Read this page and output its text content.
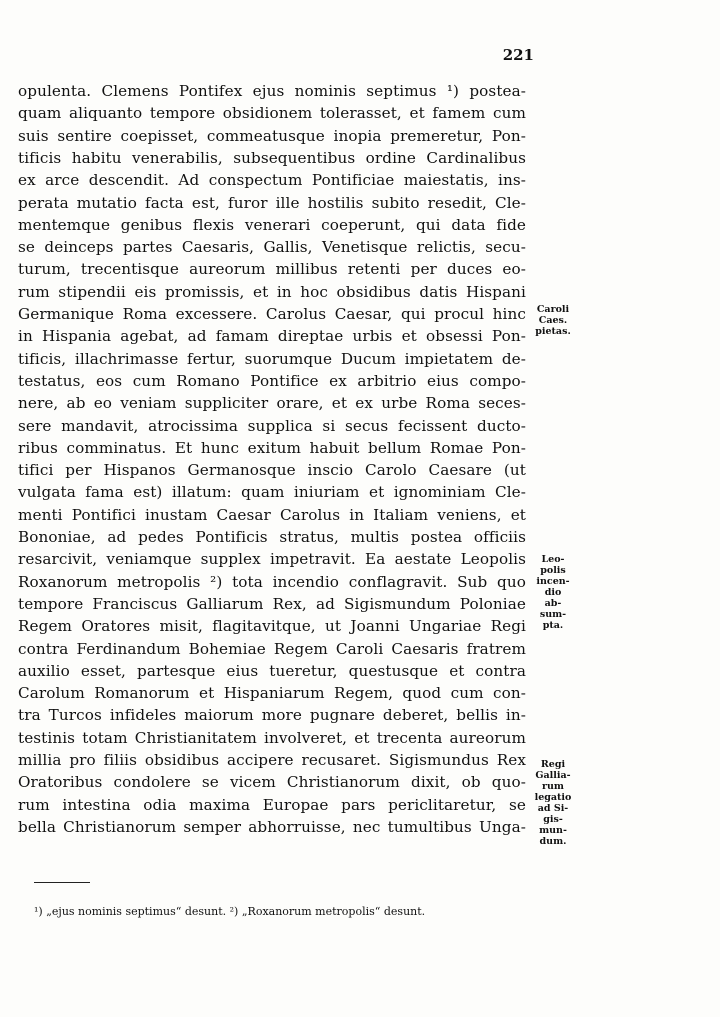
221
opulenta. Clemens Pontifex ejus nominis septimus ¹) postea-
quam aliquanto tempore obsidionem tolerasset, et famem cum
suis sentire coepisset, commeatusque inopia premeretur, Pon-
tificis habitu venerabilis, subsequentibus ordine Cardinalibus
ex arce descendit. Ad conspectum Pontificiae maiestatis, ins-
perata mutatio facta est, furor ille hostilis subito resedit, Cle-
mentemque genibus flexis venerari coeperunt, qui data fide
se deinceps partes Caesaris, Gallis, Venetisque relictis, secu-
turum, trecentisque aureorum millibus retenti per duces eo-
rum stipendii eis promissis, et in hoc obsidibus datis Hispani
Germanique Roma excessere. Carolus Caesar, qui procul hinc
in Hispania agebat, ad famam direptae urbis et obsessi Pon-
tificis, illachrimasse fertur, suorumque Ducum impietatem de-
testatus, eos cum Romano Pontifice ex arbitrio eius compo-
nere, ab eo veniam suppliciter orare, et ex urbe Roma seces-
sere mandavit, atrocissima supplica si secus fecissent ducto-
ribus comminatus. Et hunc exitum habuit bellum Romae Pon-
tifici per Hispanos Germanosque inscio Carolo Caesare (ut
vulgata fama est) illatum: quam iniuriam et ignominiam Cle-
menti Pontifici inustam Caesar Carolus in Italiam veniens, et
Bononiae, ad pedes Pontificis stratus, multis postea officiis
resarcivit, veniamque supplex impetravit. Ea aestate Leopolis
Roxanorum metropolis ²) tota incendio conflagravit. Sub quo
tempore Franciscus Galliarum Rex, ad Sigismundum Poloniae
Regem Oratores misit, flagitavitque, ut Joanni Ungariae Regi
contra Ferdinandum Bohemiae Regem Caroli Caesaris fratrem
auxilio esset, partesque eius tueretur, questusque et contra
Carolum Romanorum et Hispaniarum Regem, quod cum con-
tra Turcos infideles maiorum more pugnare deberet, bellis in-
testinis totam Christianitatem involveret, et trecenta aureorum
millia pro filiis obsidibus accipere recusaret. Sigismundus Rex
Oratoribus condolere se vicem Christianorum dixit, ob quo-
rum intestina odia maxima Europae pars periclitaretur, se
bella Christianorum semper abhorruisse, nec tumultibus Unga-
Caroli
Caes.
pietas.
Leo-
polis
incen-
dio
ab-
sum-
pta.
Regi
Gallia-
rum
legatio
ad Si-
gis-
mun-
dum.
¹) „ejus nominis septimus“ desunt. ²) „Roxanorum metropolis“ desunt.
